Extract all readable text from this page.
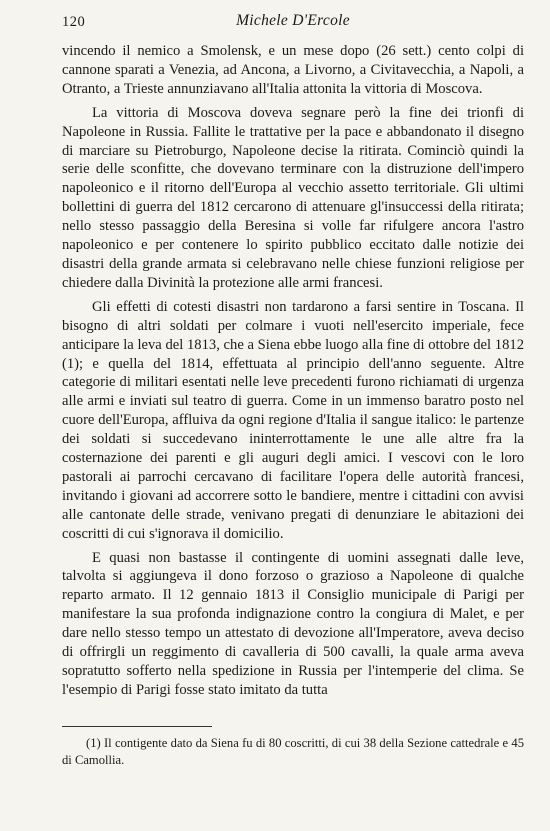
120	Michele D'Ercole

vincendo il nemico a Smolensk, e un mese dopo (26 sett.) cento colpi di cannone sparati a Venezia, ad Ancona, a Livorno, a Civitavecchia, a Napoli, a Otranto, a Trieste annunziavano all'Italia attonita la vittoria di Moscova.

La vittoria di Moscova doveva segnare però la fine dei trionfi di Napoleone in Russia. Fallite le trattative per la pace e abbandonato il disegno di marciare su Pietroburgo, Napoleone decise la ritirata. Cominciò quindi la serie delle sconfitte, che dovevano terminare con la distruzione dell'impero napoleonico e il ritorno dell'Europa al vecchio assetto territoriale. Gli ultimi bollettini di guerra del 1812 cercarono di attenuare gl'insuccessi della ritirata; nello stesso passaggio della Beresina si volle far rifulgere ancora l'astro napoleonico e per contenere lo spirito pubblico eccitato dalle notizie dei disastri della grande armata si celebravano nelle chiese funzioni religiose per chiedere dalla Divinità la protezione alle armi francesi.

Gli effetti di cotesti disastri non tardarono a farsi sentire in Toscana. Il bisogno di altri soldati per colmare i vuoti nell'esercito imperiale, fece anticipare la leva del 1813, che a Siena ebbe luogo alla fine di ottobre del 1812 (1); e quella del 1814, effettuata al principio dell'anno seguente. Altre categorie di militari esentati nelle leve precedenti furono richiamati di urgenza alle armi e inviati sul teatro di guerra. Come in un immenso baratro posto nel cuore dell'Europa, affluiva da ogni regione d'Italia il sangue italico: le partenze dei soldati si succedevano ininterrottamente le une alle altre fra la costernazione dei parenti e gli auguri degli amici. I vescovi con le loro pastorali ai parrochi cercavano di facilitare l'opera delle autorità francesi, invitando i giovani ad accorrere sotto le bandiere, mentre i cittadini con avvisi alle cantonate delle strade, venivano pregati di denunziare le abitazioni dei coscritti di cui s'ignorava il domicilio.

E quasi non bastasse il contingente di uomini assegnati dalle leve, talvolta si aggiungeva il dono forzoso o grazioso a Napoleone di qualche reparto armato. Il 12 gennaio 1813 il Consiglio municipale di Parigi per manifestare la sua profonda indignazione contro la congiura di Malet, e per dare nello stesso tempo un attestato di devozione all'Imperatore, aveva deciso di offrirgli un reggimento di cavalleria di 500 cavalli, la quale arma aveva sopratutto sofferto nella spedizione in Russia per l'intemperie del clima. Se l'esempio di Parigi fosse stato imitato da tutta

(1) Il contigente dato da Siena fu di 80 coscritti, di cui 38 della Sezione cattedrale e 45 di Camollia.
